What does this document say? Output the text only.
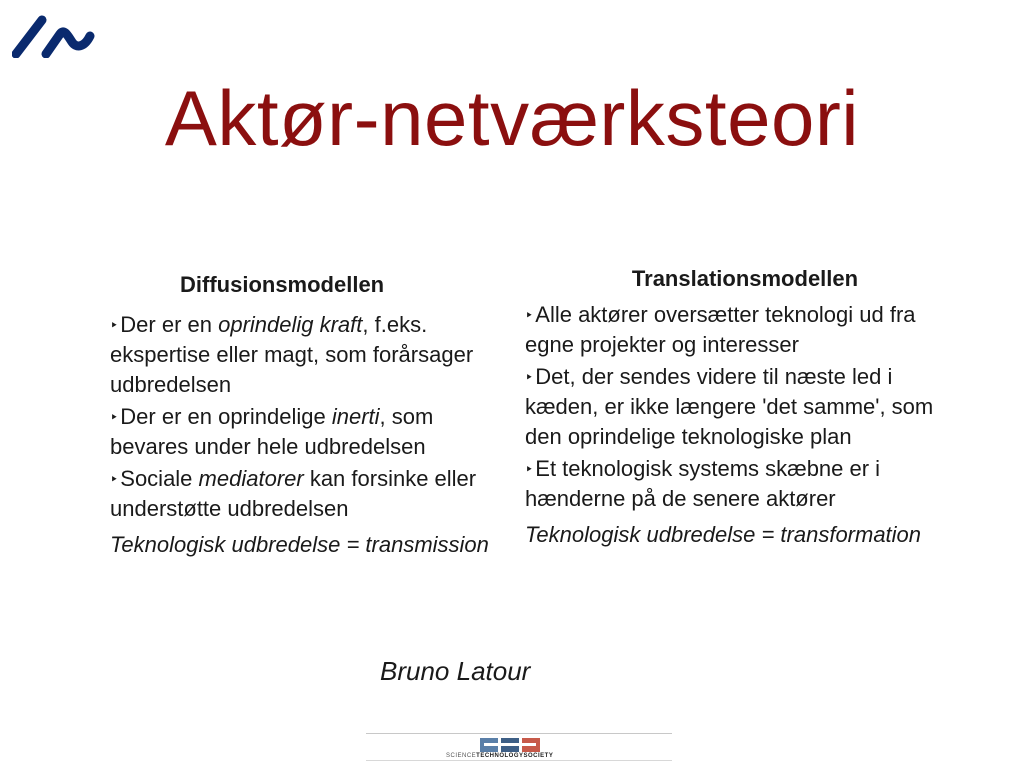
Aktør-netværksteori
Diffusionsmodellen
‣Der er en oprindelig kraft, f.eks. ekspertise eller magt, som forårsager udbredelsen
‣Der er en oprindelige inerti, som bevares under hele udbredelsen
‣Sociale mediatorer kan forsinke eller understøtte udbredelsen
Teknologisk udbredelse = transmission
Translationsmodellen
‣Alle aktører oversætter teknologi ud fra egne projekter og interesser
‣Det, der sendes videre til næste led i kæden, er ikke længere 'det samme', som den oprindelige teknologiske plan
‣Et teknologisk systems skæbne er i hænderne på de senere aktører
Teknologisk udbredelse = transformation
Bruno Latour
SCIENCETECHNOLOGYSOCIETY
